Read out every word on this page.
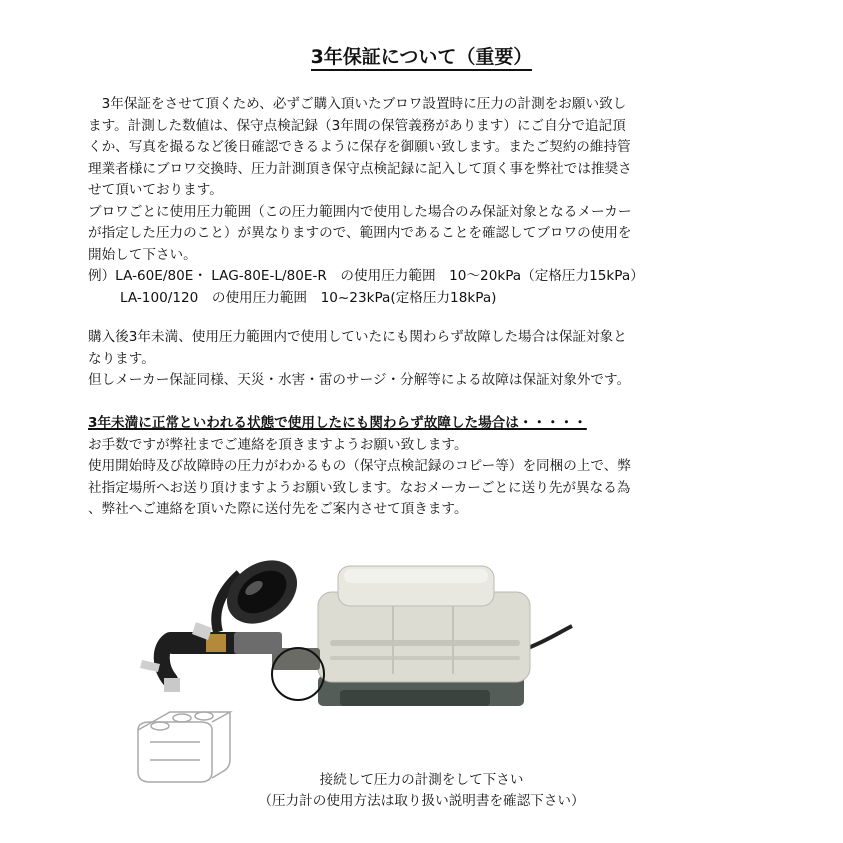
3年保証について（重要）
　3年保証をさせて頂くため、必ずご購入頂いたブロワ設置時に圧力の計測をお願い致し
ます。計測した数値は、保守点検記録（3年間の保管義務があります）にご自分で追記頂
くか、写真を撮るなど後日確認できるように保存を御願い致します。またご契約の維持管
理業者様にブロワ交換時、圧力計測頂き保守点検記録に記入して頂く事を弊社では推奨さ
せて頂いております。
ブロワごとに使用圧力範囲（この圧力範囲内で使用した場合のみ保証対象となるメーカー
が指定した圧力のこと）が異なりますので、範囲内であることを確認してブロワの使用を
開始して下さい。
例）LA-60E/80E・ LAG-80E-L/80E-R　の使用圧力範囲　10～20kPa（定格圧力15kPa）
LA-100/120　の使用圧力範囲　10~23kPa(定格圧力18kPa)
購入後3年未満、使用圧力範囲内で使用していたにも関わらず故障した場合は保証対象と
なります。
但しメーカー保証同様、天災・水害・雷のサージ・分解等による故障は保証対象外です。
3年未満に正常といわれる状態で使用したにも関わらず故障した場合は・・・・・
お手数ですが弊社までご連絡を頂きますようお願い致します。
使用開始時及び故障時の圧力がわかるもの（保守点検記録のコピー等）を同梱の上で、弊
社指定場所へお送り頂けますようお願い致します。なおメーカーごとに送り先が異なる為
、弊社へご連絡を頂いた際に送付先をご案内させて頂きます。
接続して圧力の計測をして下さい
（圧力計の使用方法は取り扱い説明書を確認下さい）
